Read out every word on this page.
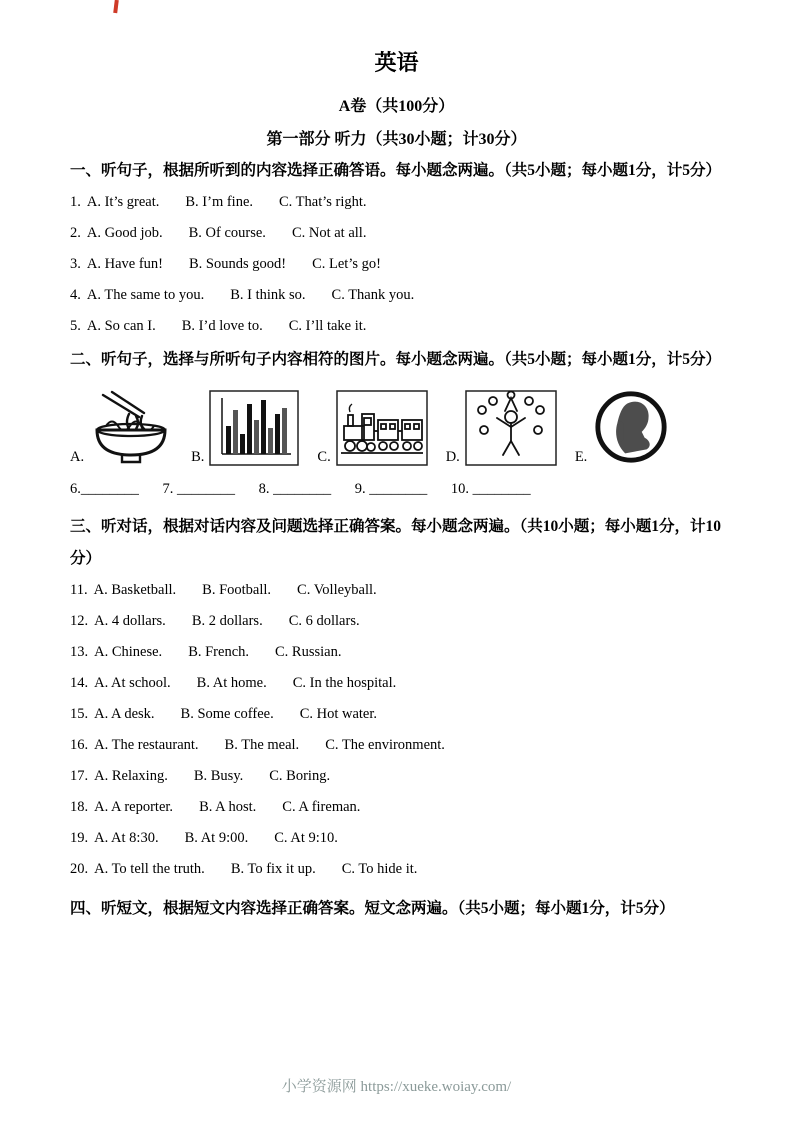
英语

A卷（共100分）

第一部分 听力（共30小题；计30分）

一、听句子，根据所听到的内容选择正确答语。每小题念两遍。（共5小题；每小题1分，计5分）

1. A. It’s great. B. I’m fine. C. That’s right.

2. A. Good job. B. Of course. C. Not at all.

3. A. Have fun! B. Sounds good! C. Let’s go!

4. A. The same to you. B. I think so. C. Thank you.

5. A. So can I. B. I’d love to. C. I’ll take it.

二、听句子，选择与所听句子内容相符的图片。每小题念两遍。（共5小题；每小题1分，计5分）

A.	B.	C.	D.	E.

6.________ 7. ________ 8. ________ 9. ________ 10. ________

三、听对话，根据对话内容及问题选择正确答案。每小题念两遍。（共10小题；每小题1分，计10分）

11. A. Basketball. B. Football. C. Volleyball.

12. A. 4 dollars. B. 2 dollars. C. 6 dollars.

13. A. Chinese. B. French. C. Russian.

14. A. At school. B. At home. C. In the hospital.

15. A. A desk. B. Some coffee. C. Hot water.

16. A. The restaurant. B. The meal. C. The environment.

17. A. Relaxing. B. Busy. C. Boring.

18. A. A reporter. B. A host. C. A fireman.

19. A. At 8:30. B. At 9:00. C. At 9:10.

20. A. To tell the truth. B. To fix it up. C. To hide it.

四、听短文，根据短文内容选择正确答案。短文念两遍。（共5小题；每小题1分，计5分）

小学资源网 https://xueke.woiay.com/
